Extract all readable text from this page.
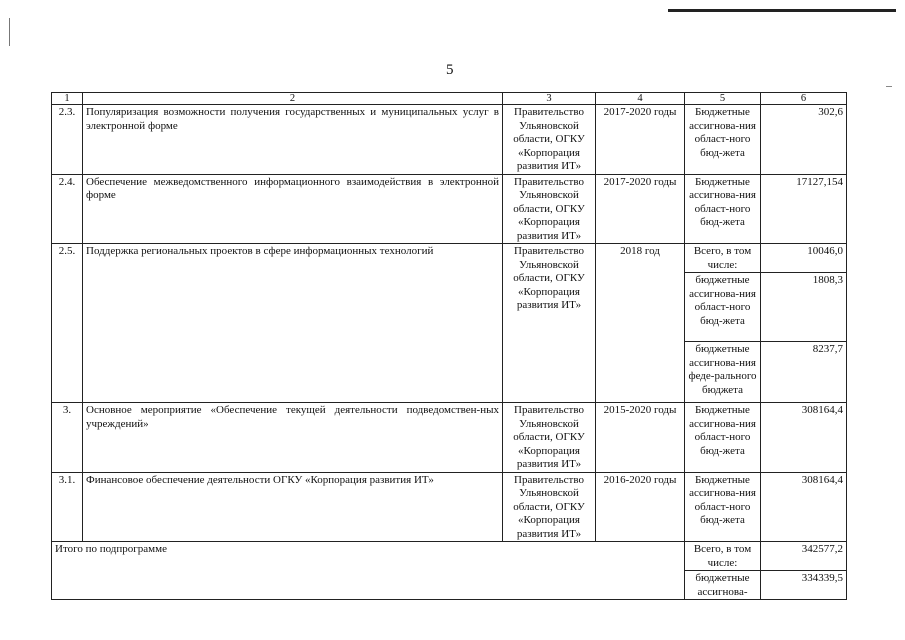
5
1	2	3	4	5	6
2.3.	Популяризация возможности получения государственных и муниципальных услуг в электронной форме	Правительство Ульяновской области, ОГКУ «Корпорация развития ИТ»	2017-2020 годы	Бюджетные ассигнова-ния област-ного бюд-жета	302,6
2.4.	Обеспечение межведомственного информационного взаимодействия в электронной форме	Правительство Ульяновской области, ОГКУ «Корпорация развития ИТ»	2017-2020 годы	Бюджетные ассигнова-ния област-ного бюд-жета	17127,154
2.5.	Поддержка региональных проектов в сфере информационных технологий	Правительство Ульяновской области, ОГКУ «Корпорация развития ИТ»	2018 год	Всего, в том числе:	10046,0
				бюджетные ассигнова-ния област-ного бюд-жета	1808,3
				бюджетные ассигнова-ния феде-рального бюджета	8237,7
3.	Основное мероприятие «Обеспечение текущей деятельности подведомствен-ных учреждений»	Правительство Ульяновской области, ОГКУ «Корпорация развития ИТ»	2015-2020 годы	Бюджетные ассигнова-ния област-ного бюд-жета	308164,4
3.1.	Финансовое обеспечение деятельности ОГКУ «Корпорация развития ИТ»	Правительство Ульяновской области, ОГКУ «Корпорация развития ИТ»	2016-2020 годы	Бюджетные ассигнова-ния област-ного бюд-жета	308164,4
Итого по подпрограмме				Всего, в том числе:	342577,2
				бюджетные ассигнова-	334339,5
